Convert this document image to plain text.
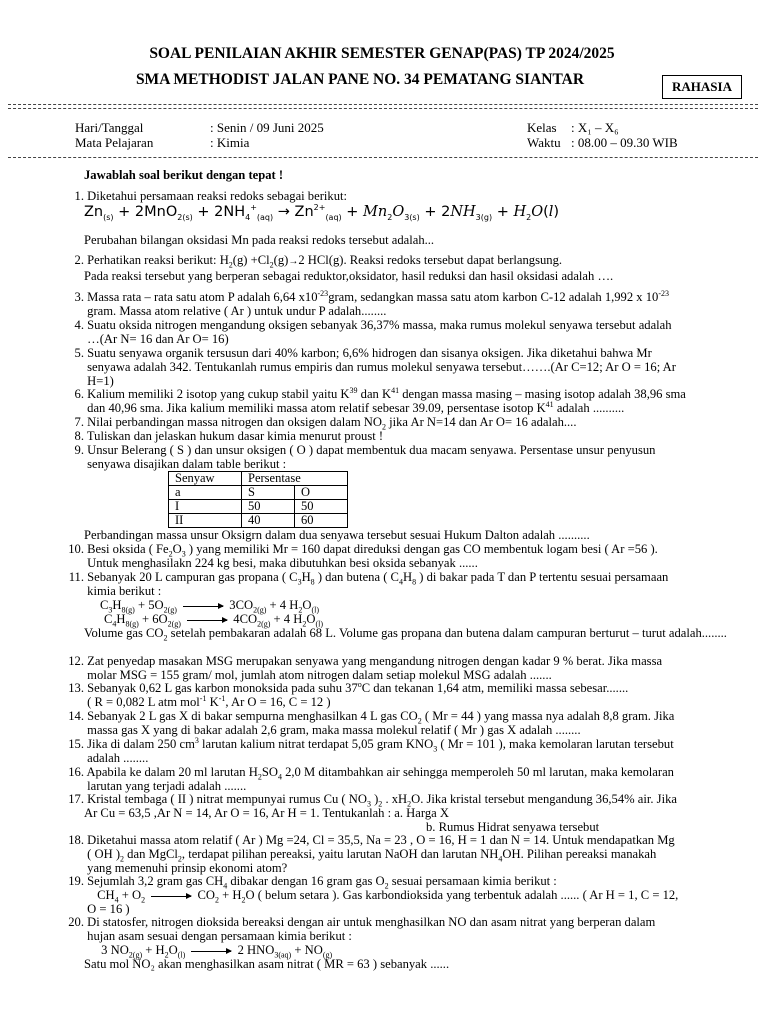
SOAL PENILAIAN AKHIR SEMESTER GENAP(PAS) TP 2024/2025
SMA METHODIST JALAN PANE NO. 34 PEMATANG SIANTAR	RAHASIA
Hari/Tanggal	: Senin / 09 Juni 2025
Mata Pelajaran	: Kimia
Kelas : X₁ – X₆
Waktu : 08.00 – 09.30 WIB
Jawablah soal berikut dengan tepat !
1. Diketahui persamaan reaksi redoks sebagai berikut:
$Zn_{(s)} + 2MnO_{2(s)} + 2NH_4^+_{(aq)} \to Zn^{2+}_{(aq)} + Mn_2O_{3(s)} + 2NH_{3(g)} + H_2O(l)$
Perubahan bilangan oksidasi Mn pada reaksi redoks tersebut adalah...
2. Perhatikan reaksi berikut: $H_2(g) +Cl_2(g)\to 2$ HCl(g). Reaksi redoks tersebut dapat berlangsung.
Pada reaksi tersebut yang berperan sebagai reduktor,oksidator, hasil reduksi dan hasil oksidasi adalah ….
3. Massa rata – rata satu atom P adalah 6,64 $x10^{-23}gram$, sedangkan massa satu atom karbon C-12 adalah 1,992 x $10^{-23}$
gram. Massa atom relative ( Ar ) untuk undur P adalah........
4. Suatu oksida nitrogen mengandung oksigen sebanyak 36,37% massa, maka rumus molekul senyawa tersebut adalah
…(Ar N= 16 dan Ar O= 16)
5. Suatu senyawa organik tersusun dari 40% karbon; 6,6% hidrogen dan sisanya oksigen. Jika diketahui bahwa Mr
senyawa adalah 342. Tentukanlah rumus empiris dan rumus molekul senyawa tersebut…….(Ar C=12; Ar O = 16; Ar
H=1)
6. Kalium memiliki 2 isotop yang cukup stabil yaitu $K^{39}$ dan $K^{41}$ dengan massa masing – masing isotop adalah 38,96 sma
dan 40,96 sma. Jika kalium memiliki massa atom relatif sebesar 39.09, persentase isotop $K^{41}$ adalah ..........
7. Nilai perbandingan massa nitrogen dan oksigen dalam $NO_2$ jika Ar N=14 dan Ar O= 16 adalah....
8. Tuliskan dan jelaskan hukum dasar kimia menurut proust !
9. Unsur Belerang ( S ) dan unsur oksigen ( O ) dapat membentuk dua macam senyawa. Persentase unsur penyusun
senyawa disajikan dalam table berikut :
Senyaw	Persentase	
a	S	O
I	50	50
II	40	60
Perbandingan massa unsur Oksigrn dalam dua senyawa tersebut sesuai Hukum Dalton adalah ..........
10. Besi oksida ( $Fe_2O_3$ ) yang memiliki Mr = 160 dapat direduksi dengan gas CO membentuk logam besi ( Ar =56 ).
Untuk menghasilakn 224 kg besi, maka dibutuhkan besi oksida sebanyak ......
11. Sebanyak 20 L campuran gas propana ( $C_3H_8$ ) dan butena ( $C_4H_8$ ) di bakar pada T dan P tertentu sesuai persamaan
kimia berikut :
$C_3H_{8(g)} + 5O_{2(g)}$	$3CO_{2(g)} + 4$ $H_2O_{(l)}$
$C_4H_{8(g)} + 6O_{2(g)}$	$4CO_{2(g)} + 4$ $H_2O_{(l)}$
Volume gas $CO_2$ setelah pembakaran adalah 68 L. Volume gas propana dan butena dalam campuran berturut – turut adalah........
12. Zat penyedap masakan MSG merupakan senyawa yang mengandung nitrogen dengan kadar 9 % berat. Jika massa
molar MSG = 155 gram/ mol, jumlah atom nitrogen dalam setiap molekul MSG adalah .......
13. Sebanyak 0,62 L gas karbon monoksida pada suhu 37$^o$C dan tekanan 1,64 atm, memiliki massa sebesar.......
( R = 0,082 L atm mol$^{-1}$ $K^{-1}$, Ar O = 16, C = 12 )
14. Sebanyak 2 L gas X di bakar sempurna menghasilkan 4 L gas $CO_2$ ( Mr = 44 ) yang massa nya adalah 8,8 gram. Jika
massa gas X yang di bakar adalah 2,6 gram, maka massa molekul relatif ( Mr ) gas X adalah ........
15. Jika di dalam 250 $cm^3$ larutan kalium nitrat terdapat 5,05 gram $KNO_3$ ( Mr = 101 ), maka kemolaran larutan tersebut
adalah ........
16. Apabila ke dalam 20 ml larutan $H_2SO_4$ 2,0 M ditambahkan air sehingga memperoleh 50 ml larutan, maka kemolaran
larutan yang terjadi adalah .......
17. Kristal tembaga ( II ) nitrat mempunyai rumus Cu ( $NO_3$ )$_2$ . $xH_2O$. Jika kristal tersebut mengandung 36,54% air. Jika
Ar Cu = 63,5 ,Ar N = 14, Ar O = 16, Ar H = 1. Tentukanlah : a. Harga X
b. Rumus Hidrat senyawa tersebut
18. Diketahui massa atom relatif ( Ar ) Mg =24, Cl = 35,5, Na = 23 , O = 16, H = 1 dan N = 14. Untuk mendapatkan Mg
( OH )$_2$ dan MgCl$_2$, terdapat pilihan pereaksi, yaitu larutan NaOH dan larutan $NH_4OH$. Pilihan pereaksi manakah
yang memenuhi prinsip ekonomi atom?
19. Sejumlah 3,2 gram gas $CH_4$ dibakar dengan 16 gram gas $O_2$ sesuai persamaan kimia berikut :
$CH_4 + O_2$	$CO_2 + H_2O$ ( belum setara ). Gas karbondioksida yang terbentuk adalah ...... ( Ar H = 1, C = 12,
O = 16 )
20. Di statosfer, nitrogen dioksida bereaksi dengan air untuk menghasilkan NO dan asam nitrat yang berperan dalam
hujan asam sesuai dengan persamaan kimia berikut :
3 $NO_{2(g)} + H_2O_{(l)}$	2 $HNO_{3(aq)} + NO_{(g)}$
Satu mol NO₂ akan menghasilkan asam nitrat ( MR = 63 ) sebanyak ......
